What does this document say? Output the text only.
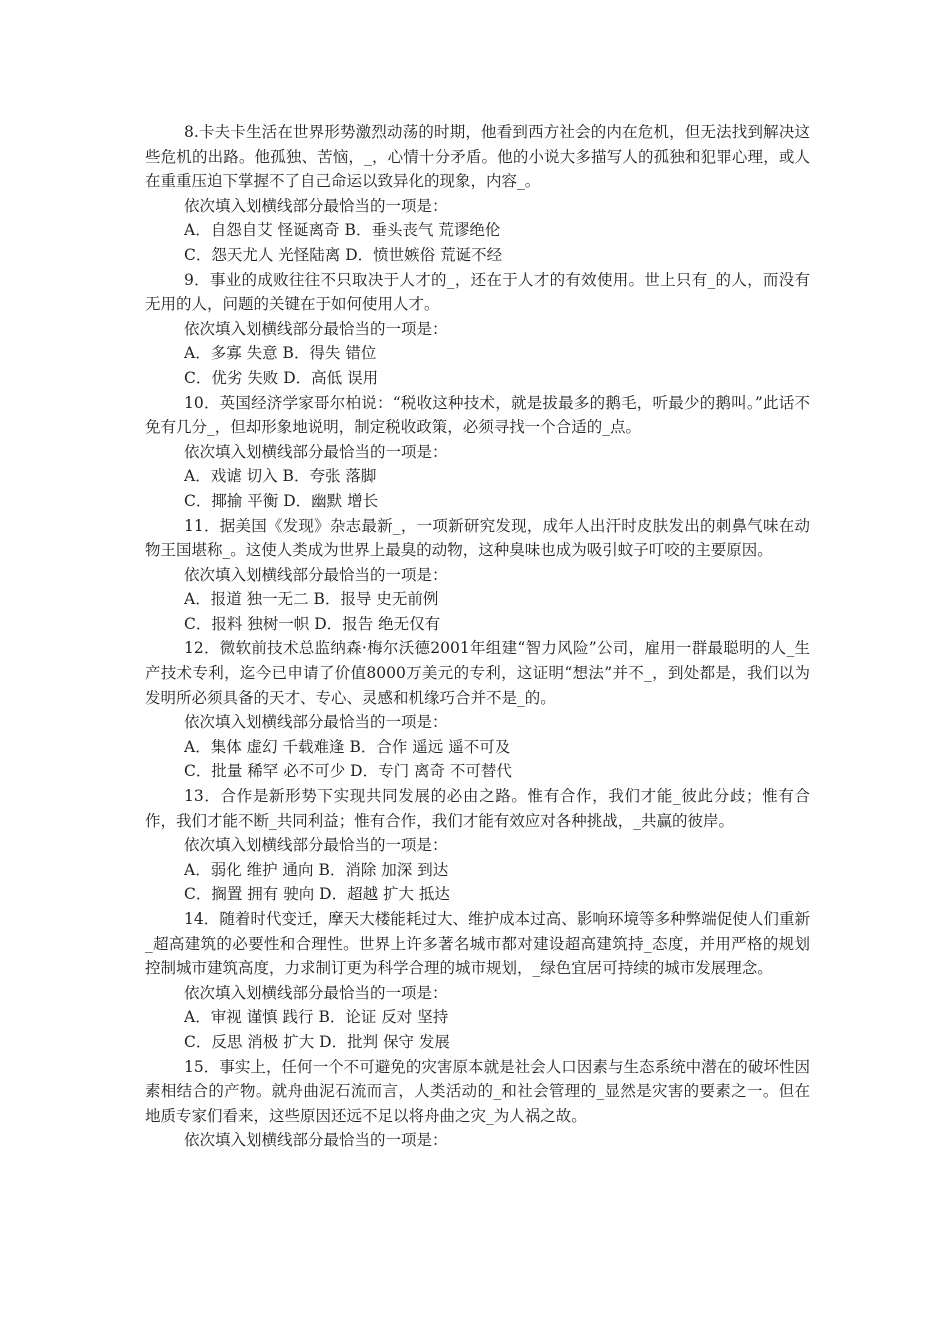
8.卡夫卡生活在世界形势激烈动荡的时期，他看到西方社会的内在危机，但无法找到解决这些危机的出路。他孤独、苦恼，_，心情十分矛盾。他的小说大多描写人的孤独和犯罪心理，或人在重重压迫下掌握不了自己命运以致异化的现象，内容_。

依次填入划横线部分最恰当的一项是：

A．自怨自艾 怪诞离奇 B．垂头丧气 荒谬绝伦

C．怨天尤人 光怪陆离 D．愤世嫉俗 荒诞不经

9．事业的成败往往不只取决于人才的_，还在于人才的有效使用。世上只有_的人，而没有无用的人，问题的关键在于如何使用人才。

依次填入划横线部分最恰当的一项是：

A．多寡 失意 B．得失 错位

C．优劣 失败 D．高低 误用

10．英国经济学家哥尔柏说：“税收这种技术，就是拔最多的鹅毛，听最少的鹅叫。”此话不免有几分_，但却形象地说明，制定税收政策，必须寻找一个合适的_点。

依次填入划横线部分最恰当的一项是：

A．戏谑 切入 B．夸张 落脚

C．揶揄 平衡 D．幽默 增长

11．据美国《发现》杂志最新_，一项新研究发现，成年人出汗时皮肤发出的刺鼻气味在动物王国堪称_。这使人类成为世界上最臭的动物，这种臭味也成为吸引蚊子叮咬的主要原因。

依次填入划横线部分最恰当的一项是：

A．报道 独一无二 B．报导 史无前例

C．报料 独树一帜 D．报告 绝无仅有

12．微软前技术总监纳森·梅尔沃德2001年组建“智力风险”公司，雇用一群最聪明的人_生产技术专利，迄今已申请了价值8000万美元的专利，这证明“想法”并不_，到处都是，我们以为发明所必须具备的天才、专心、灵感和机缘巧合并不是_的。

依次填入划横线部分最恰当的一项是：

A．集体 虚幻 千载难逢 B．合作 遥远 遥不可及

C．批量 稀罕 必不可少 D．专门 离奇 不可替代

13．合作是新形势下实现共同发展的必由之路。惟有合作，我们才能_彼此分歧；惟有合作，我们才能不断_共同利益；惟有合作，我们才能有效应对各种挑战，_共赢的彼岸。

依次填入划横线部分最恰当的一项是：

A．弱化 维护 通向 B．消除 加深 到达

C．搁置 拥有 驶向 D．超越 扩大 抵达

14．随着时代变迁，摩天大楼能耗过大、维护成本过高、影响环境等多种弊端促使人们重新_超高建筑的必要性和合理性。世界上许多著名城市都对建设超高建筑持_态度，并用严格的规划控制城市建筑高度，力求制订更为科学合理的城市规划，_绿色宜居可持续的城市发展理念。

依次填入划横线部分最恰当的一项是：

A．审视 谨慎 践行 B．论证 反对 坚持

C．反思 消极 扩大 D．批判 保守 发展

15．事实上，任何一个不可避免的灾害原本就是社会人口因素与生态系统中潜在的破坏性因素相结合的产物。就舟曲泥石流而言，人类活动的_和社会管理的_显然是灾害的要素之一。但在地质专家们看来，这些原因还远不足以将舟曲之灾_为人祸之故。

依次填入划横线部分最恰当的一项是：
